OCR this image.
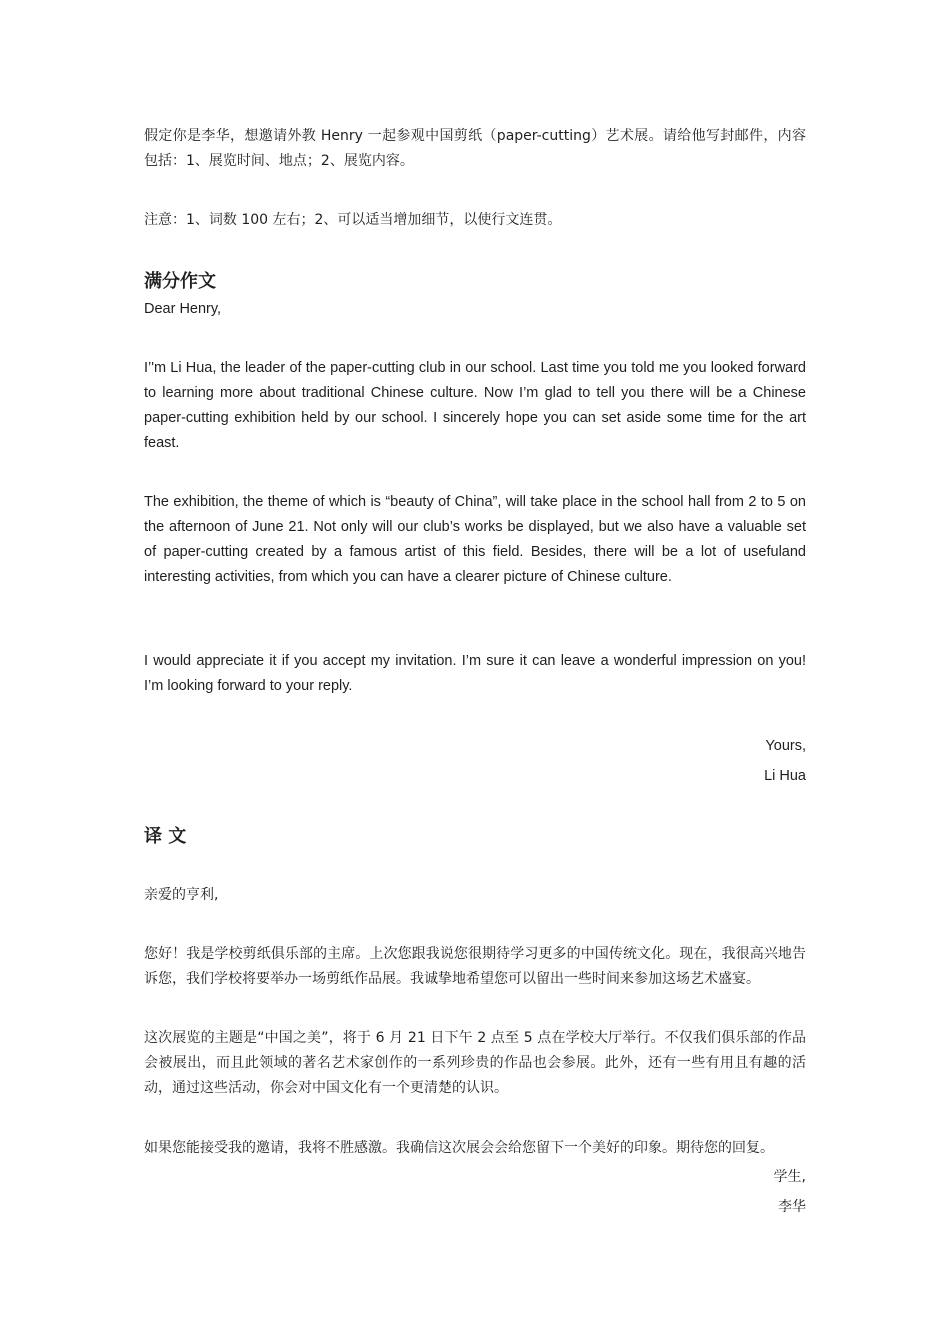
假定你是李华，想邀请外教 Henry 一起参观中国剪纸（paper-cutting）艺术展。请给他写封邮件，内容包括：1、展览时间、地点；2、展览内容。

注意：1、词数 100 左右；2、可以适当增加细节，以使行文连贯。

满分作文

Dear Henry,

I’'m Li Hua, the leader of the paper-cutting club in our school. Last time you told me you looked forward to learning more about traditional Chinese culture. Now I’m glad to tell you there will be a Chinese paper-cutting exhibition held by our school. I sincerely hope you can set aside some time for the art feast.

The exhibition, the theme of which is “beauty of China”, will take place in the school hall from 2 to 5 on the afternoon of June 21. Not only will our club’s works be displayed, but we also have a valuable set of paper-cutting created by a famous artist of this field. Besides, there will be a lot of usefuland interesting activities, from which you can have a clearer picture of Chinese culture.

I would appreciate it if you accept my invitation. I’m sure it can leave a wonderful impression on you! I’m looking forward to your reply.

Yours,

Li Hua

译 文

亲爱的亨利,

您好！我是学校剪纸俱乐部的主席。上次您跟我说您很期待学习更多的中国传统文化。现在，我很高兴地告诉您，我们学校将要举办一场剪纸作品展。我诚挚地希望您可以留出一些时间来参加这场艺术盛宴。

这次展览的主题是“中国之美”，将于 6 月 21 日下午 2 点至 5 点在学校大厅举行。不仅我们俱乐部的作品会被展出，而且此领域的著名艺术家创作的一系列珍贵的作品也会参展。此外，还有一些有用且有趣的活动，通过这些活动，你会对中国文化有一个更清楚的认识。

如果您能接受我的邀请，我将不胜感激。我确信这次展会会给您留下一个美好的印象。期待您的回复。

学生,

李华
